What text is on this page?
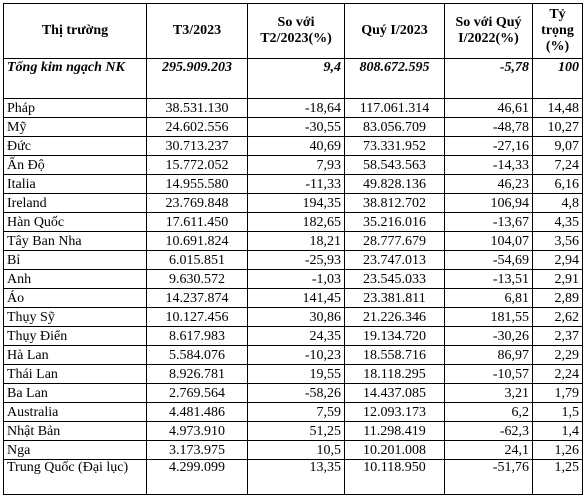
Thị trường	T3/2023	So với T2/2023(%)	Quý I/2023	So với Quý I/2022(%)	Tỷ trọng (%)
Tổng kim ngạch NK	295.909.203	9,4	808.672.595	-5,78	100
Pháp	38.531.130	-18,64	117.061.314	46,61	14,48
Mỹ	24.602.556	-30,55	83.056.709	-48,78	10,27
Đức	30.713.237	40,69	73.331.952	-27,16	9,07
Ấn Độ	15.772.052	7,93	58.543.563	-14,33	7,24
Italia	14.955.580	-11,33	49.828.136	46,23	6,16
Ireland	23.769.848	194,35	38.812.702	106,94	4,8
Hàn Quốc	17.611.450	182,65	35.216.016	-13,67	4,35
Tây Ban Nha	10.691.824	18,21	28.777.679	104,07	3,56
Bỉ	6.015.851	-25,93	23.747.013	-54,69	2,94
Anh	9.630.572	-1,03	23.545.033	-13,51	2,91
Áo	14.237.874	141,45	23.381.811	6,81	2,89
Thụy Sỹ	10.127.456	30,86	21.226.346	181,55	2,62
Thụy Điển	8.617.983	24,35	19.134.720	-30,26	2,37
Hà Lan	5.584.076	-10,23	18.558.716	86,97	2,29
Thái Lan	8.926.781	19,55	18.118.295	-10,57	2,24
Ba Lan	2.769.564	-58,26	14.437.085	3,21	1,79
Australia	4.481.486	7,59	12.093.173	6,2	1,5
Nhật Bản	4.973.910	51,25	11.298.419	-62,3	1,4
Nga	3.173.975	10,5	10.201.008	24,1	1,26
Trung Quốc (Đại lục)	4.299.099	13,35	10.118.950	-51,76	1,25
